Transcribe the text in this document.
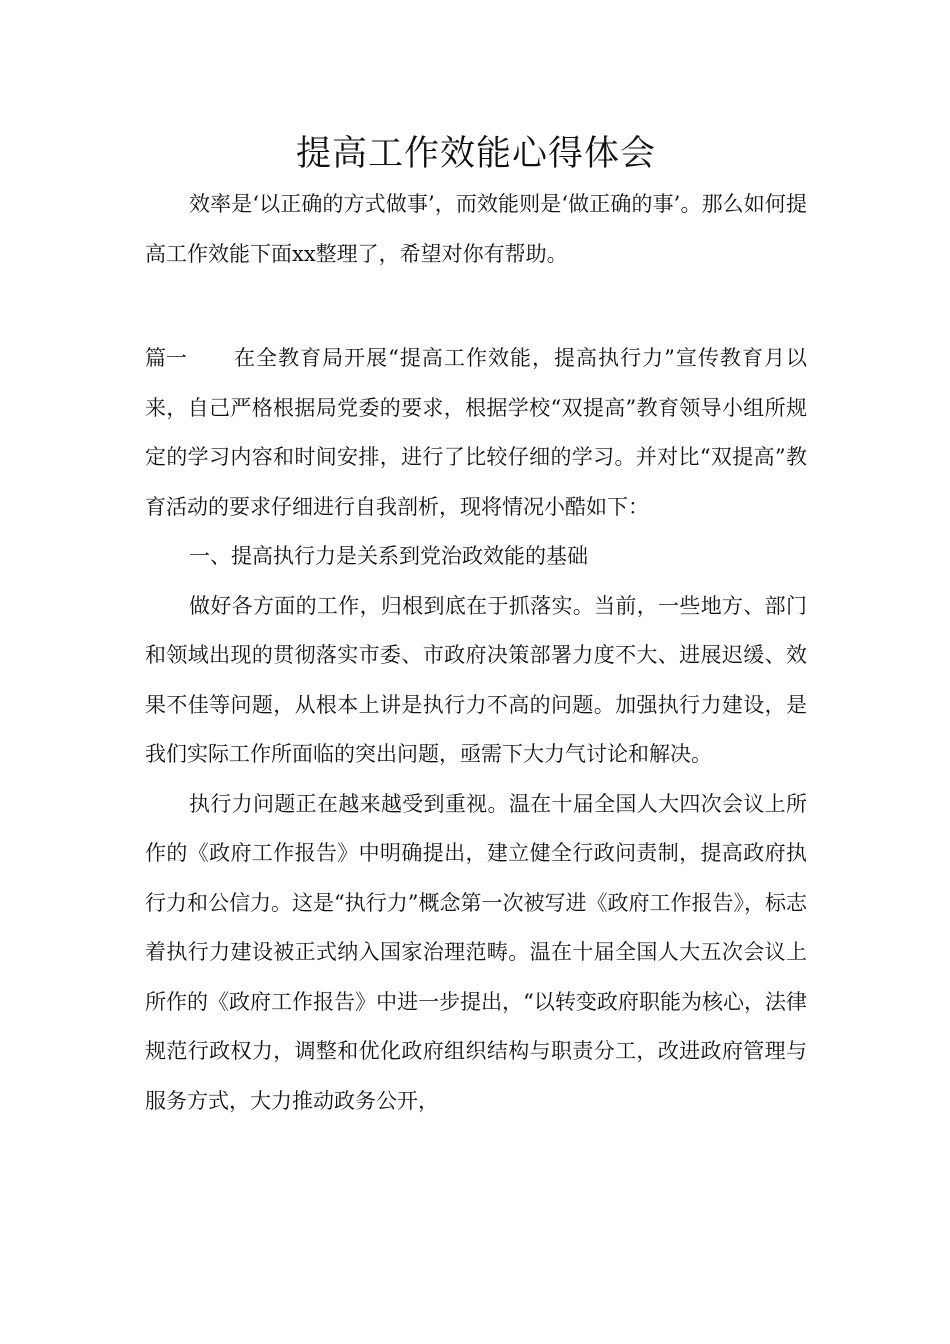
提高工作效能心得体会

效率是‘以正确的方式做事’，而效能则是‘做正确的事’。那么如何提高工作效能下面xx整理了，希望对你有帮助。

篇一 在全教育局开展“提高工作效能，提高执行力”宣传教育月以来，自己严格根据局党委的要求，根据学校“双提高”教育领导小组所规定的学习内容和时间安排，进行了比较仔细的学习。并对比“双提高”教育活动的要求仔细进行自我剖析，现将情况小酷如下：

一、提高执行力是关系到党治政效能的基础

做好各方面的工作，归根到底在于抓落实。当前，一些地方、部门和领域出现的贯彻落实市委、市政府决策部署力度不大、进展迟缓、效果不佳等问题，从根本上讲是执行力不高的问题。加强执行力建设，是我们实际工作所面临的突出问题，亟需下大力气讨论和解决。

执行力问题正在越来越受到重视。温在十届全国人大四次会议上所作的《政府工作报告》中明确提出，建立健全行政问责制，提高政府执行力和公信力。这是“执行力”概念第一次被写进《政府工作报告》，标志着执行力建设被正式纳入国家治理范畴。温在十届全国人大五次会议上所作的《政府工作报告》中进一步提出，“以转变政府职能为核心，法律规范行政权力，调整和优化政府组织结构与职责分工，改进政府管理与服务方式，大力推动政务公开，
